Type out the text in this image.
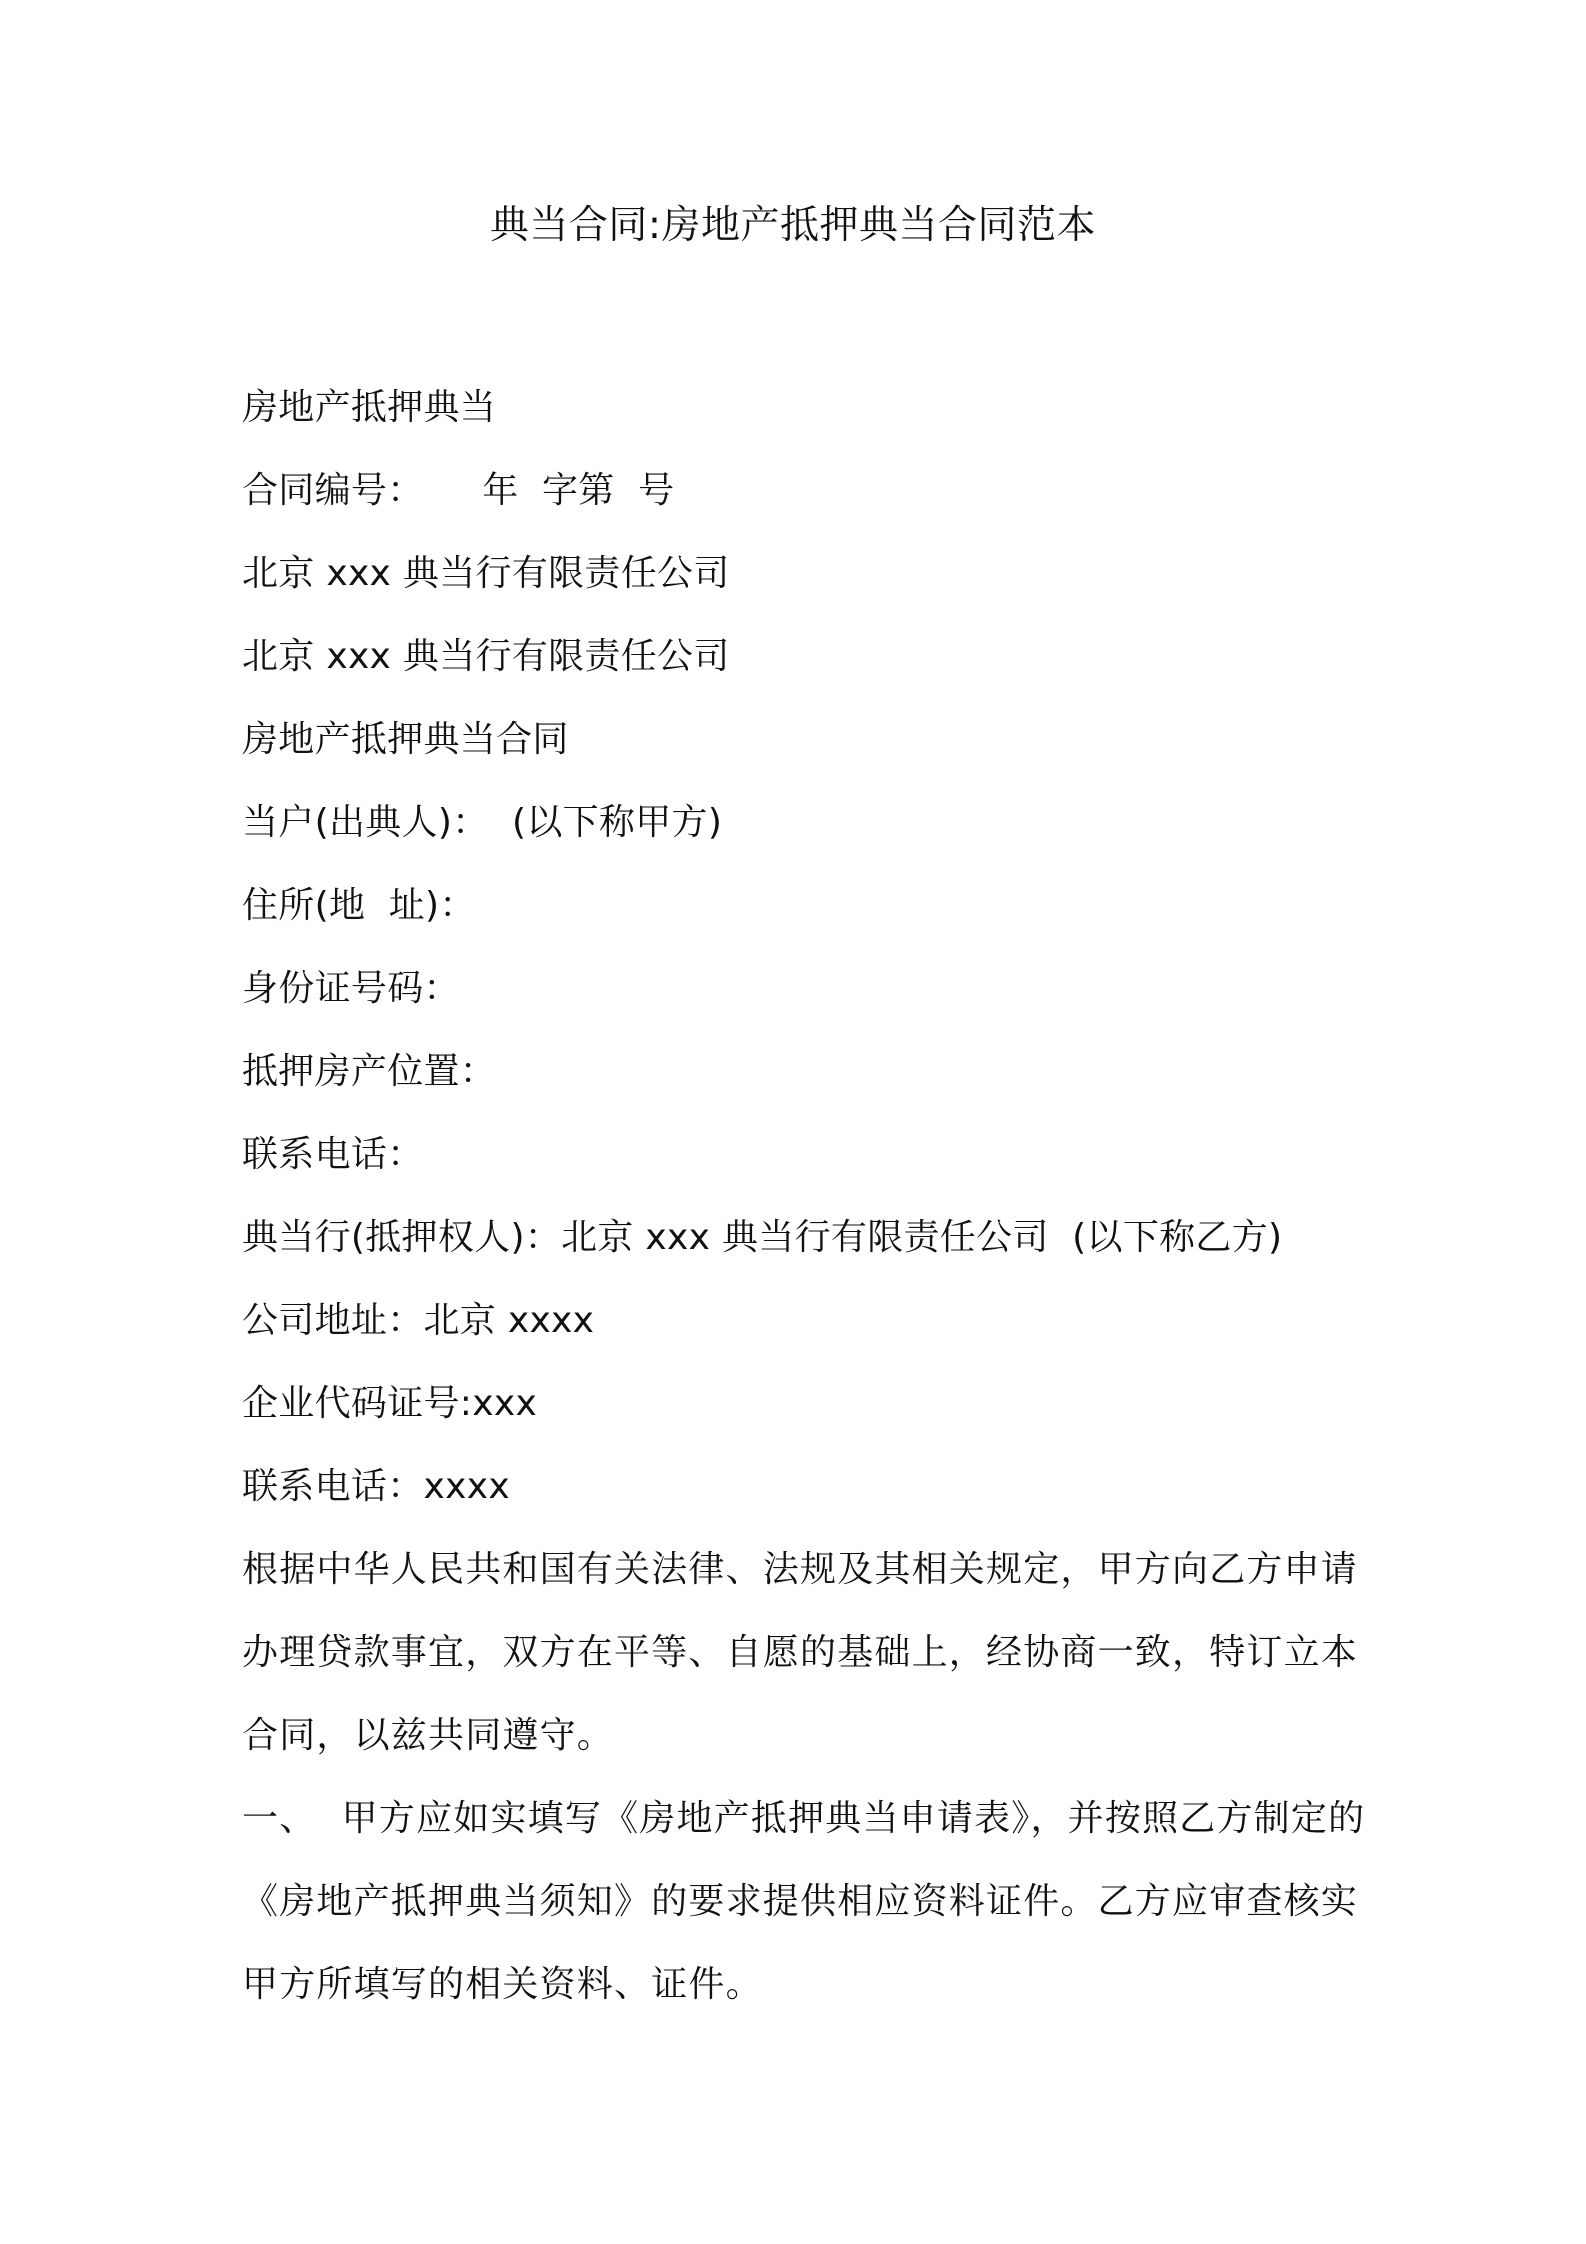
典当合同:房地产抵押典当合同范本

房地产抵押典当

合同编号：     年  字第  号

北京 xxx 典当行有限责任公司

北京 xxx 典当行有限责任公司

房地产抵押典当合同

当户(出典人)：  (以下称甲方)

住所(地  址)：

身份证号码：

抵押房产位置：

联系电话：

典当行(抵押权人)：北京 xxx 典当行有限责任公司  (以下称乙方)

公司地址：北京 xxxx

企业代码证号:xxx

联系电话：xxxx

根据中华人民共和国有关法律、法规及其相关规定，甲方向乙方申请

办理贷款事宜，双方在平等、自愿的基础上，经协商一致，特订立本

合同，以兹共同遵守。

一、  甲方应如实填写《房地产抵押典当申请表》，并按照乙方制定的

《房地产抵押典当须知》的要求提供相应资料证件。乙方应审查核实

甲方所填写的相关资料、证件。
